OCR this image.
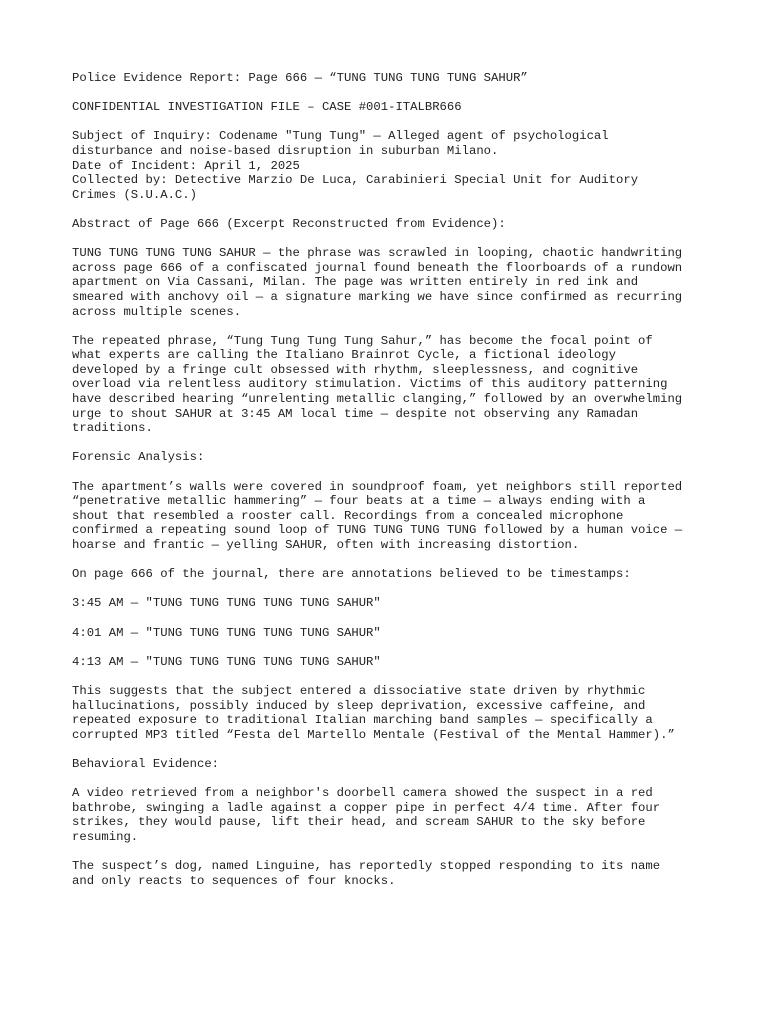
Police Evidence Report: Page 666 — “TUNG TUNG TUNG TUNG SAHUR”

CONFIDENTIAL INVESTIGATION FILE – CASE #001-ITALBR666

Subject of Inquiry: Codename "Tung Tung" — Alleged agent of psychological
disturbance and noise-based disruption in suburban Milano.
Date of Incident: April 1, 2025
Collected by: Detective Marzio De Luca, Carabinieri Special Unit for Auditory
Crimes (S.U.A.C.)

Abstract of Page 666 (Excerpt Reconstructed from Evidence):

TUNG TUNG TUNG TUNG SAHUR — the phrase was scrawled in looping, chaotic handwriting
across page 666 of a confiscated journal found beneath the floorboards of a rundown
apartment on Via Cassani, Milan. The page was written entirely in red ink and
smeared with anchovy oil — a signature marking we have since confirmed as recurring
across multiple scenes.

The repeated phrase, “Tung Tung Tung Tung Sahur,” has become the focal point of
what experts are calling the Italiano Brainrot Cycle, a fictional ideology
developed by a fringe cult obsessed with rhythm, sleeplessness, and cognitive
overload via relentless auditory stimulation. Victims of this auditory patterning
have described hearing “unrelenting metallic clanging,” followed by an overwhelming
urge to shout SAHUR at 3:45 AM local time — despite not observing any Ramadan
traditions.

Forensic Analysis:

The apartment’s walls were covered in soundproof foam, yet neighbors still reported
“penetrative metallic hammering” — four beats at a time — always ending with a
shout that resembled a rooster call. Recordings from a concealed microphone
confirmed a repeating sound loop of TUNG TUNG TUNG TUNG followed by a human voice —
hoarse and frantic — yelling SAHUR, often with increasing distortion.

On page 666 of the journal, there are annotations believed to be timestamps:

3:45 AM — "TUNG TUNG TUNG TUNG TUNG SAHUR"

4:01 AM — "TUNG TUNG TUNG TUNG TUNG SAHUR"

4:13 AM — "TUNG TUNG TUNG TUNG TUNG SAHUR"

This suggests that the subject entered a dissociative state driven by rhythmic
hallucinations, possibly induced by sleep deprivation, excessive caffeine, and
repeated exposure to traditional Italian marching band samples — specifically a
corrupted MP3 titled “Festa del Martello Mentale (Festival of the Mental Hammer).”

Behavioral Evidence:

A video retrieved from a neighbor's doorbell camera showed the suspect in a red
bathrobe, swinging a ladle against a copper pipe in perfect 4/4 time. After four
strikes, they would pause, lift their head, and scream SAHUR to the sky before
resuming.

The suspect’s dog, named Linguine, has reportedly stopped responding to its name
and only reacts to sequences of four knocks.
